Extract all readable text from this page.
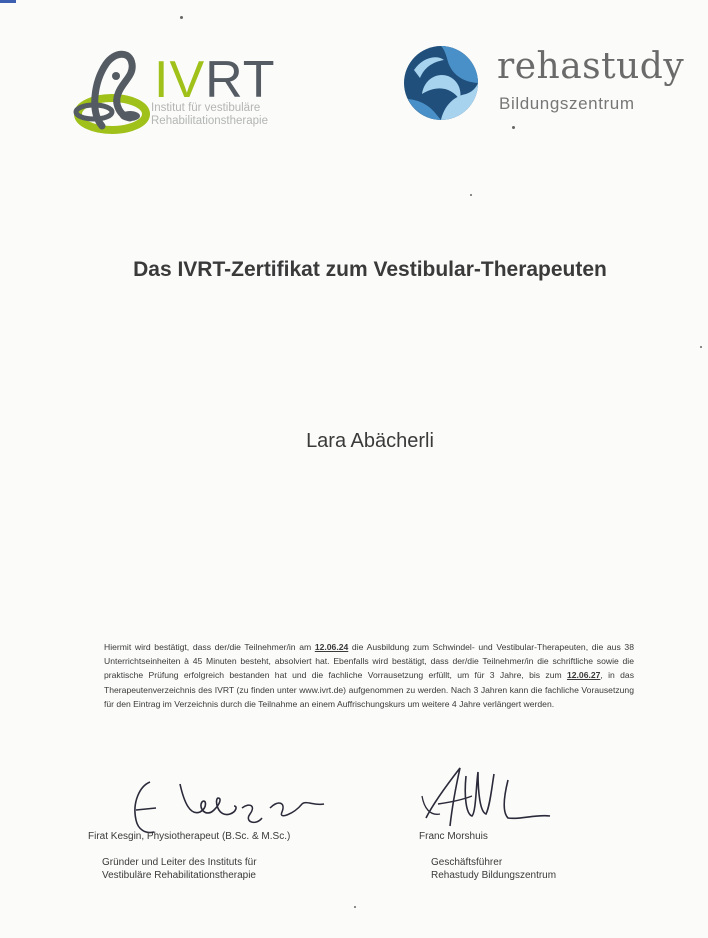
IVRT
Institut für vestibuläre
Rehabilitationstherapie
rehastudy
Bildungszentrum
Das IVRT-Zertifikat zum Vestibular-Therapeuten
Lara Abächerli
Hiermit wird bestätigt, dass der/die Teilnehmer/in am 12.06.24 die Ausbildung zum Schwindel- und Vestibular-Therapeuten, die aus 38 Unterrichtseinheiten à 45 Minuten besteht, absolviert hat. Ebenfalls wird bestätigt, dass der/die Teilnehmer/in die schriftliche sowie die praktische Prüfung erfolgreich bestanden hat und die fachliche Vorrausetzung erfüllt, um für 3 Jahre, bis zum 12.06.27, in das Therapeutenverzeichnis des IVRT (zu finden unter www.ivrt.de) aufgenommen zu werden. Nach 3 Jahren kann die fachliche Vorausetzung für den Eintrag im Verzeichnis durch die Teilnahme an einem Auffrischungskurs um weitere 4 Jahre verlängert werden.
Firat Kesgin, Physiotherapeut (B.Sc. & M.Sc.)
Gründer und Leiter des Instituts für
Vestibuläre Rehabilitationstherapie
Franc Morshuis
Geschäftsführer
Rehastudy Bildungszentrum
